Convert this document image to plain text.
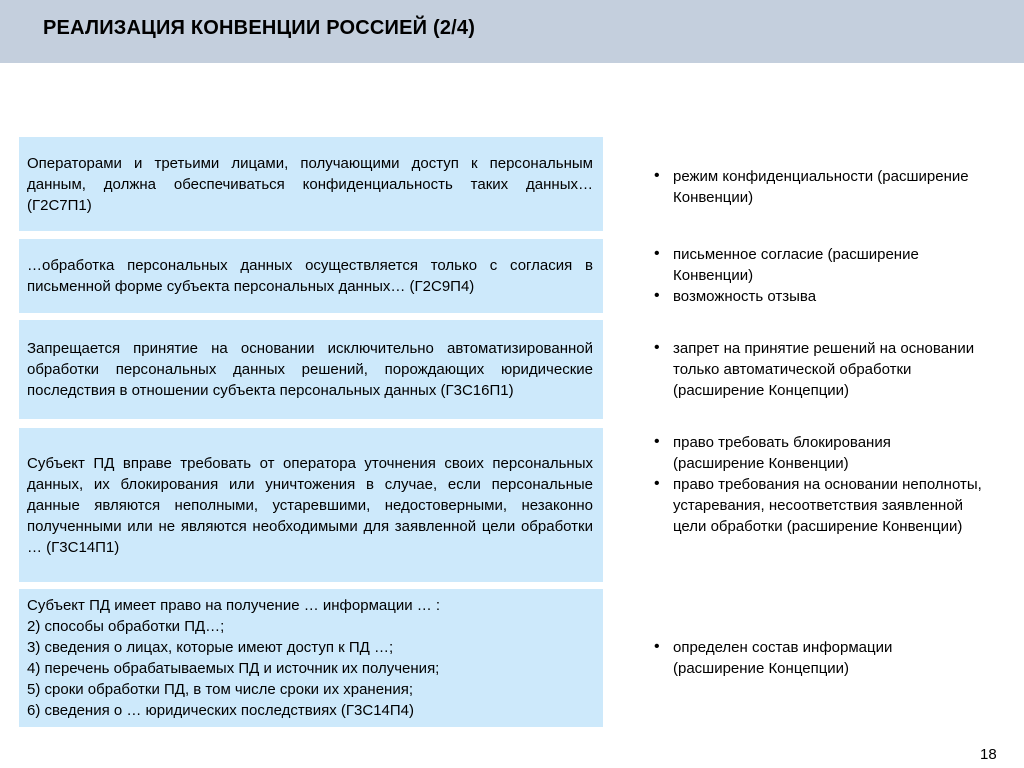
РЕАЛИЗАЦИЯ КОНВЕНЦИИ РОССИЕЙ (2/4)
Операторами и третьими лицами, получающими доступ к персональным данным, должна обеспечиваться конфиденциальность таких данных… (Г2С7П1)
• режим конфиденциальности (расширение Конвенции)
…обработка персональных данных осуществляется только с согласия в письменной форме субъекта персональных данных… (Г2С9П4)
• письменное согласие (расширение Конвенции)
• возможность отзыва
Запрещается принятие на основании исключительно автоматизированной обработки персональных данных решений, порождающих юридические последствия в отношении субъекта персональных данных (Г3С16П1)
• запрет на принятие решений на основании только автоматической обработки (расширение Концепции)
Субъект ПД вправе требовать от оператора уточнения своих персональных данных, их блокирования или уничтожения в случае, если персональные данные являются неполными, устаревшими, недостоверными, незаконно полученными или не являются необходимыми для заявленной цели обработки … (Г3С14П1)
• право требовать блокирования (расширение Конвенции)
• право требования на основании неполноты, устаревания, несоответствия заявленной цели обработки (расширение Конвенции)
Субъект ПД имеет право на получение … информации … :
2) способы обработки ПД…;
3) сведения о лицах, которые имеют доступ к ПД …;
4) перечень обрабатываемых ПД и источник их получения;
5) сроки обработки ПД, в том числе сроки их хранения;
6) сведения о … юридических последствиях (Г3С14П4)
• определен состав информации (расширение Концепции)
18
